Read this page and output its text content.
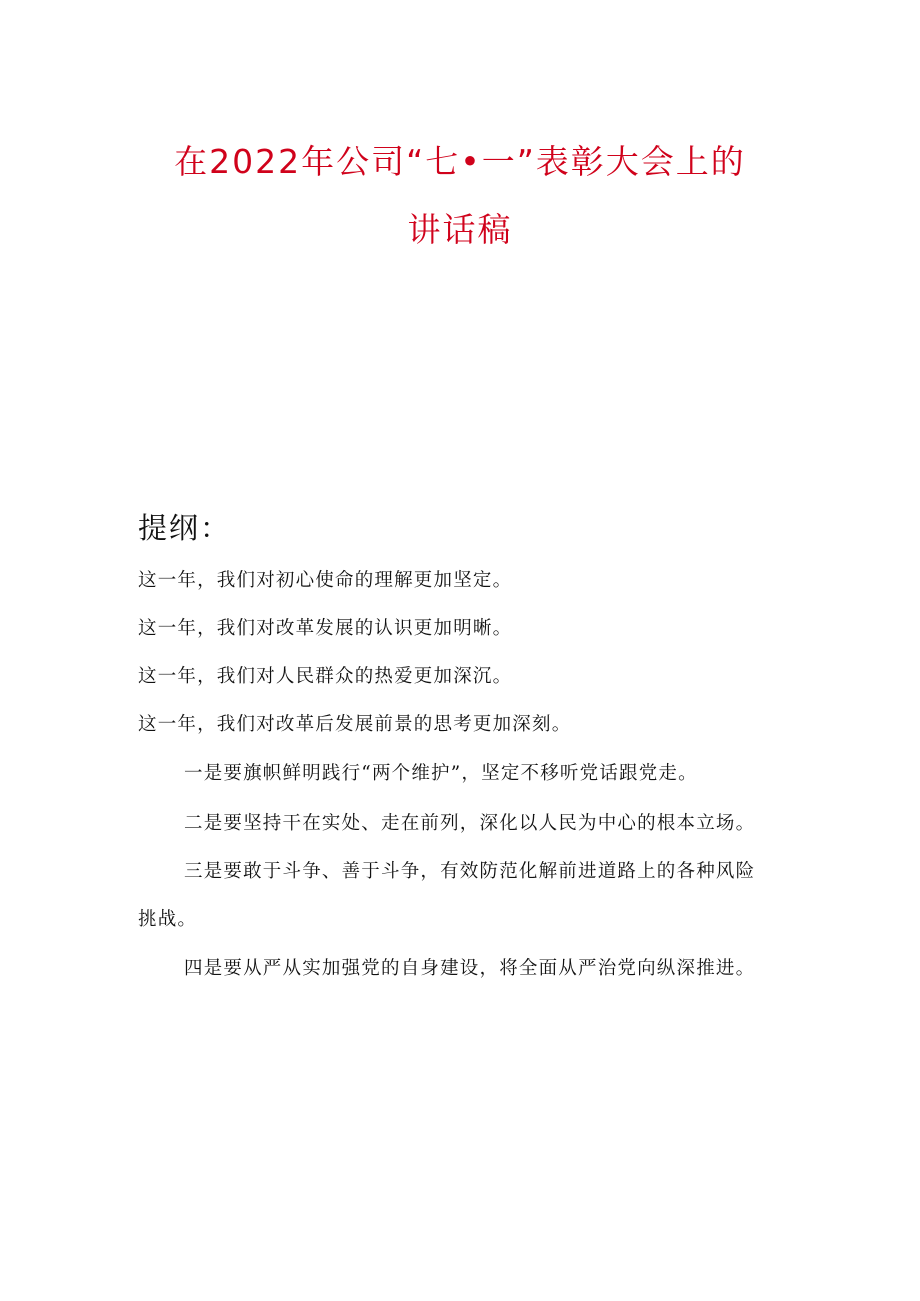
在2022年公司“七•一”表彰大会上的
讲话稿
提纲：

这一年，我们对初心使命的理解更加坚定。

这一年，我们对改革发展的认识更加明晰。

这一年，我们对人民群众的热爱更加深沉。

这一年，我们对改革后发展前景的思考更加深刻。

一是要旗帜鲜明践行“两个维护”，坚定不移听党话跟党走。

二是要坚持干在实处、走在前列，深化以人民为中心的根本立场。

三是要敢于斗争、善于斗争，有效防范化解前进道路上的各种风险

挑战。

四是要从严从实加强党的自身建设，将全面从严治党向纵深推进。
